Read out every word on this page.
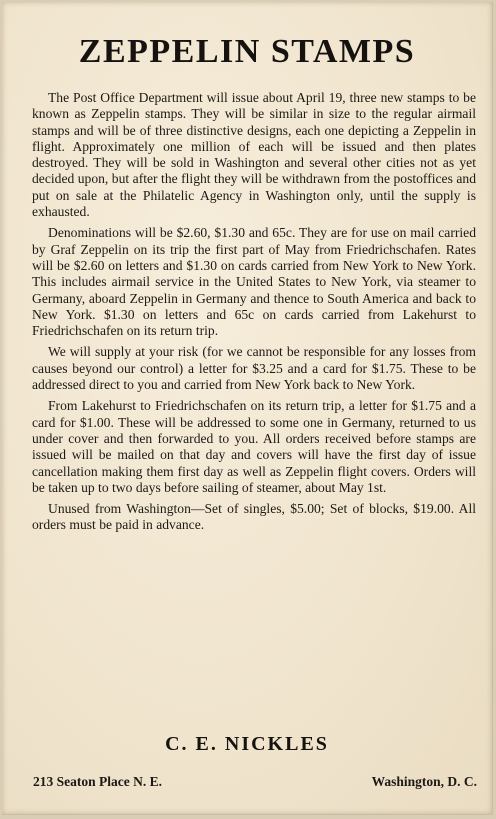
ZEPPELIN STAMPS

The Post Office Department will issue about April 19, three new stamps to be known as Zeppelin stamps. They will be similar in size to the regular airmail stamps and will be of three distinctive designs, each one depicting a Zeppelin in flight. Approximately one million of each will be issued and then plates destroyed. They will be sold in Washington and several other cities not as yet decided upon, but after the flight they will be withdrawn from the postoffices and put on sale at the Philatelic Agency in Washington only, until the supply is exhausted.

Denominations will be $2.60, $1.30 and 65c. They are for use on mail carried by Graf Zeppelin on its trip the first part of May from Friedrichschafen. Rates will be $2.60 on letters and $1.30 on cards carried from New York to New York. This includes airmail service in the United States to New York, via steamer to Germany, aboard Zeppelin in Germany and thence to South America and back to New York. $1.30 on letters and 65c on cards carried from Lakehurst to Friedrichschafen on its return trip.

We will supply at your risk (for we cannot be responsible for any losses from causes beyond our control) a letter for $3.25 and a card for $1.75. These to be addressed direct to you and carried from New York back to New York.

From Lakehurst to Friedrichschafen on its return trip, a letter for $1.75 and a card for $1.00. These will be addressed to some one in Germany, returned to us under cover and then forwarded to you. All orders received before stamps are issued will be mailed on that day and covers will have the first day of issue cancellation making them first day as well as Zeppelin flight covers. Orders will be taken up to two days before sailing of steamer, about May 1st.

Unused from Washington—Set of singles, $5.00; Set of blocks, $19.00. All orders must be paid in advance.

C. E. NICKLES
213 Seaton Place N. E.	Washington, D. C.
